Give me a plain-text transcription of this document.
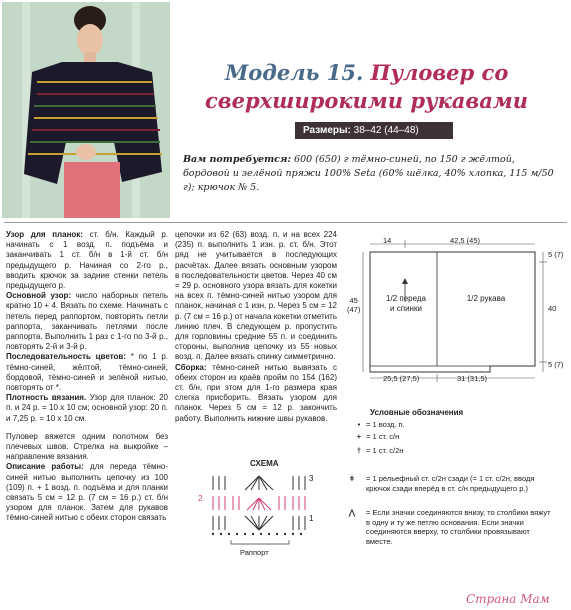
Модель 15. Пуловер со
сверхширокими рукавами
Размеры: 38–42 (44–48)
Вам потребуется: 600 (650) г тёмно-синей, по 150 г жёлтой, бордовой и зелёной пряжи 100% Seta (60% шёлка, 40% хлопка, 115 м/50 г); крючок № 5.

Узор для планок: ст. б/н. Каждый р. начинать с 1 возд. п. подъёма и заканчивать 1 ст. б/н в 1-й ст. б/н предыдущего р. Начиная со 2-го р., вводить крючок за задние стенки петель предыдущего р.

Основной узор: число наборных петель кратно 10 + 4. Вязать по схеме. Начинать с петель перед раппортом, повторять петли раппорта, заканчивать петлями после раппорта. Выполнить 1 раз с 1-го по 3-й р., повторять 2-й и 3-й р.

Последовательность цветов: * по 1 р. тёмно-синей, жёлтой, тёмно-синей, бордовой, тёмно-синей и зелёной нитью, повторять от *.

Плотность вязания. Узор для планок: 20 п. и 24 р. = 10 х 10 см; основной узор: 20 п. и 7,25 р. = 10 х 10 см.

Пуловер вяжется одним полотном без плечевых швов. Стрелка на выкройке – направление вязания.

Описание работы: для переда тёмно-синей нитью выполнить цепочку из 100 (109) п. + 1 возд. п. подъёма и для планки связать 5 см = 12 р. (7 см = 16 р.) ст. б/н узором для планок. Затем для рукавов тёмно-синей нитью с обеих сторон связать

цепочки из 62 (63) возд. п. и на всех 224 (235) п. выполнить 1 изн. р. ст. б/н. Этот ряд не учитывается в последующих расчётах. Далее вязать основным узором в последовательности цветов. Через 40 см = 29 р. основного узора вязать для кокетки на всех п. тёмно-синей нитью узором для планок, начиная с 1 изн. р. Через 5 см = 12 р. (7 см = 16 р.) от начала кокетки отметить линию плеч. В следующем р. пропустить для горловины средние 55 п. и соединить стороны, выполнив цепочку из 55 новых возд. п. Далее вязать спинку симметрично.

Сборка: тёмно-синей нитью вывязать с обеих сторон из краёв пройм по 154 (162) ст. б/н, при этом для 1-го размера края слегка присборить. Вязать узором для планок. Через 5 см = 12 р. закончить работу. Выполнить нижние швы рукавов.

14	42,5 (45)
5 (7)
40
5 (7)
45
(47)
25,5 (27,5)	31 (31,5)
1/2 переда
и спинки
1/2 рукава
Условные обозначения
• = 1 возд. п.
+ = 1 ст. с/н
† = 1 ст. с/2н
ǂ = 1 рельефный ст. с/2н сзади (= 1 ст. с/2н, вводя крючок сзади вперёд в ст. с/н предыдущего р.)
⋀ = Если значки соединяются внизу, то столбики вяжут в одну и ту же петлю основания. Если значки соединяются вверху, то столбики провязывают вместе.
СХЕМА
3
2
1
Раппорт
Страна Мам
